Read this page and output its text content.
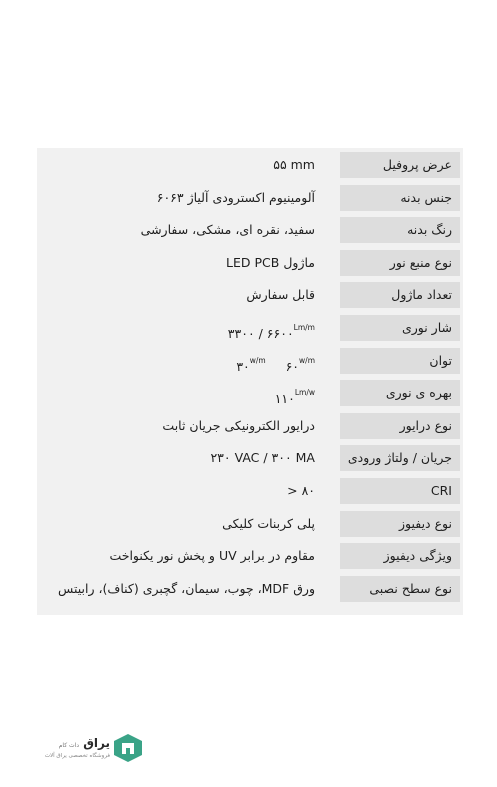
عرض پروفیل
۵۵ mm
جنس بدنه
آلومینیوم اکسترودی آلیاژ ۶۰۶۳
رنگ بدنه
سفید، نقره ای، مشکی، سفارشی
نوع منبع نور
ماژول LED PCB
تعداد ماژول
قابل سفارش
شار نوری
۳۳۰۰ / $۶۶۰۰^{Lm/m}$
توان
$۳۰^{w/m}$ $۶۰^{w/m}$
بهره ی نوری
$۱۱۰^{Lm/w}$
نوع درایور
درایور الکترونیکی جریان ثابت
جریان / ولتاژ ورودی
۲۳۰ VAC / ۳۰۰ MA
CRI
> ۸۰
نوع دیفیوز
پلی کربنات کلیکی
ویژگی دیفیوز
مقاوم در برابر UV و پخش نور یکنواخت
نوع سطح نصبی
ورق MDF، چوب، سیمان، گچبری (کناف)، رابیتس
یراق دات کام
فروشگاه تخصصی یراق آلات
